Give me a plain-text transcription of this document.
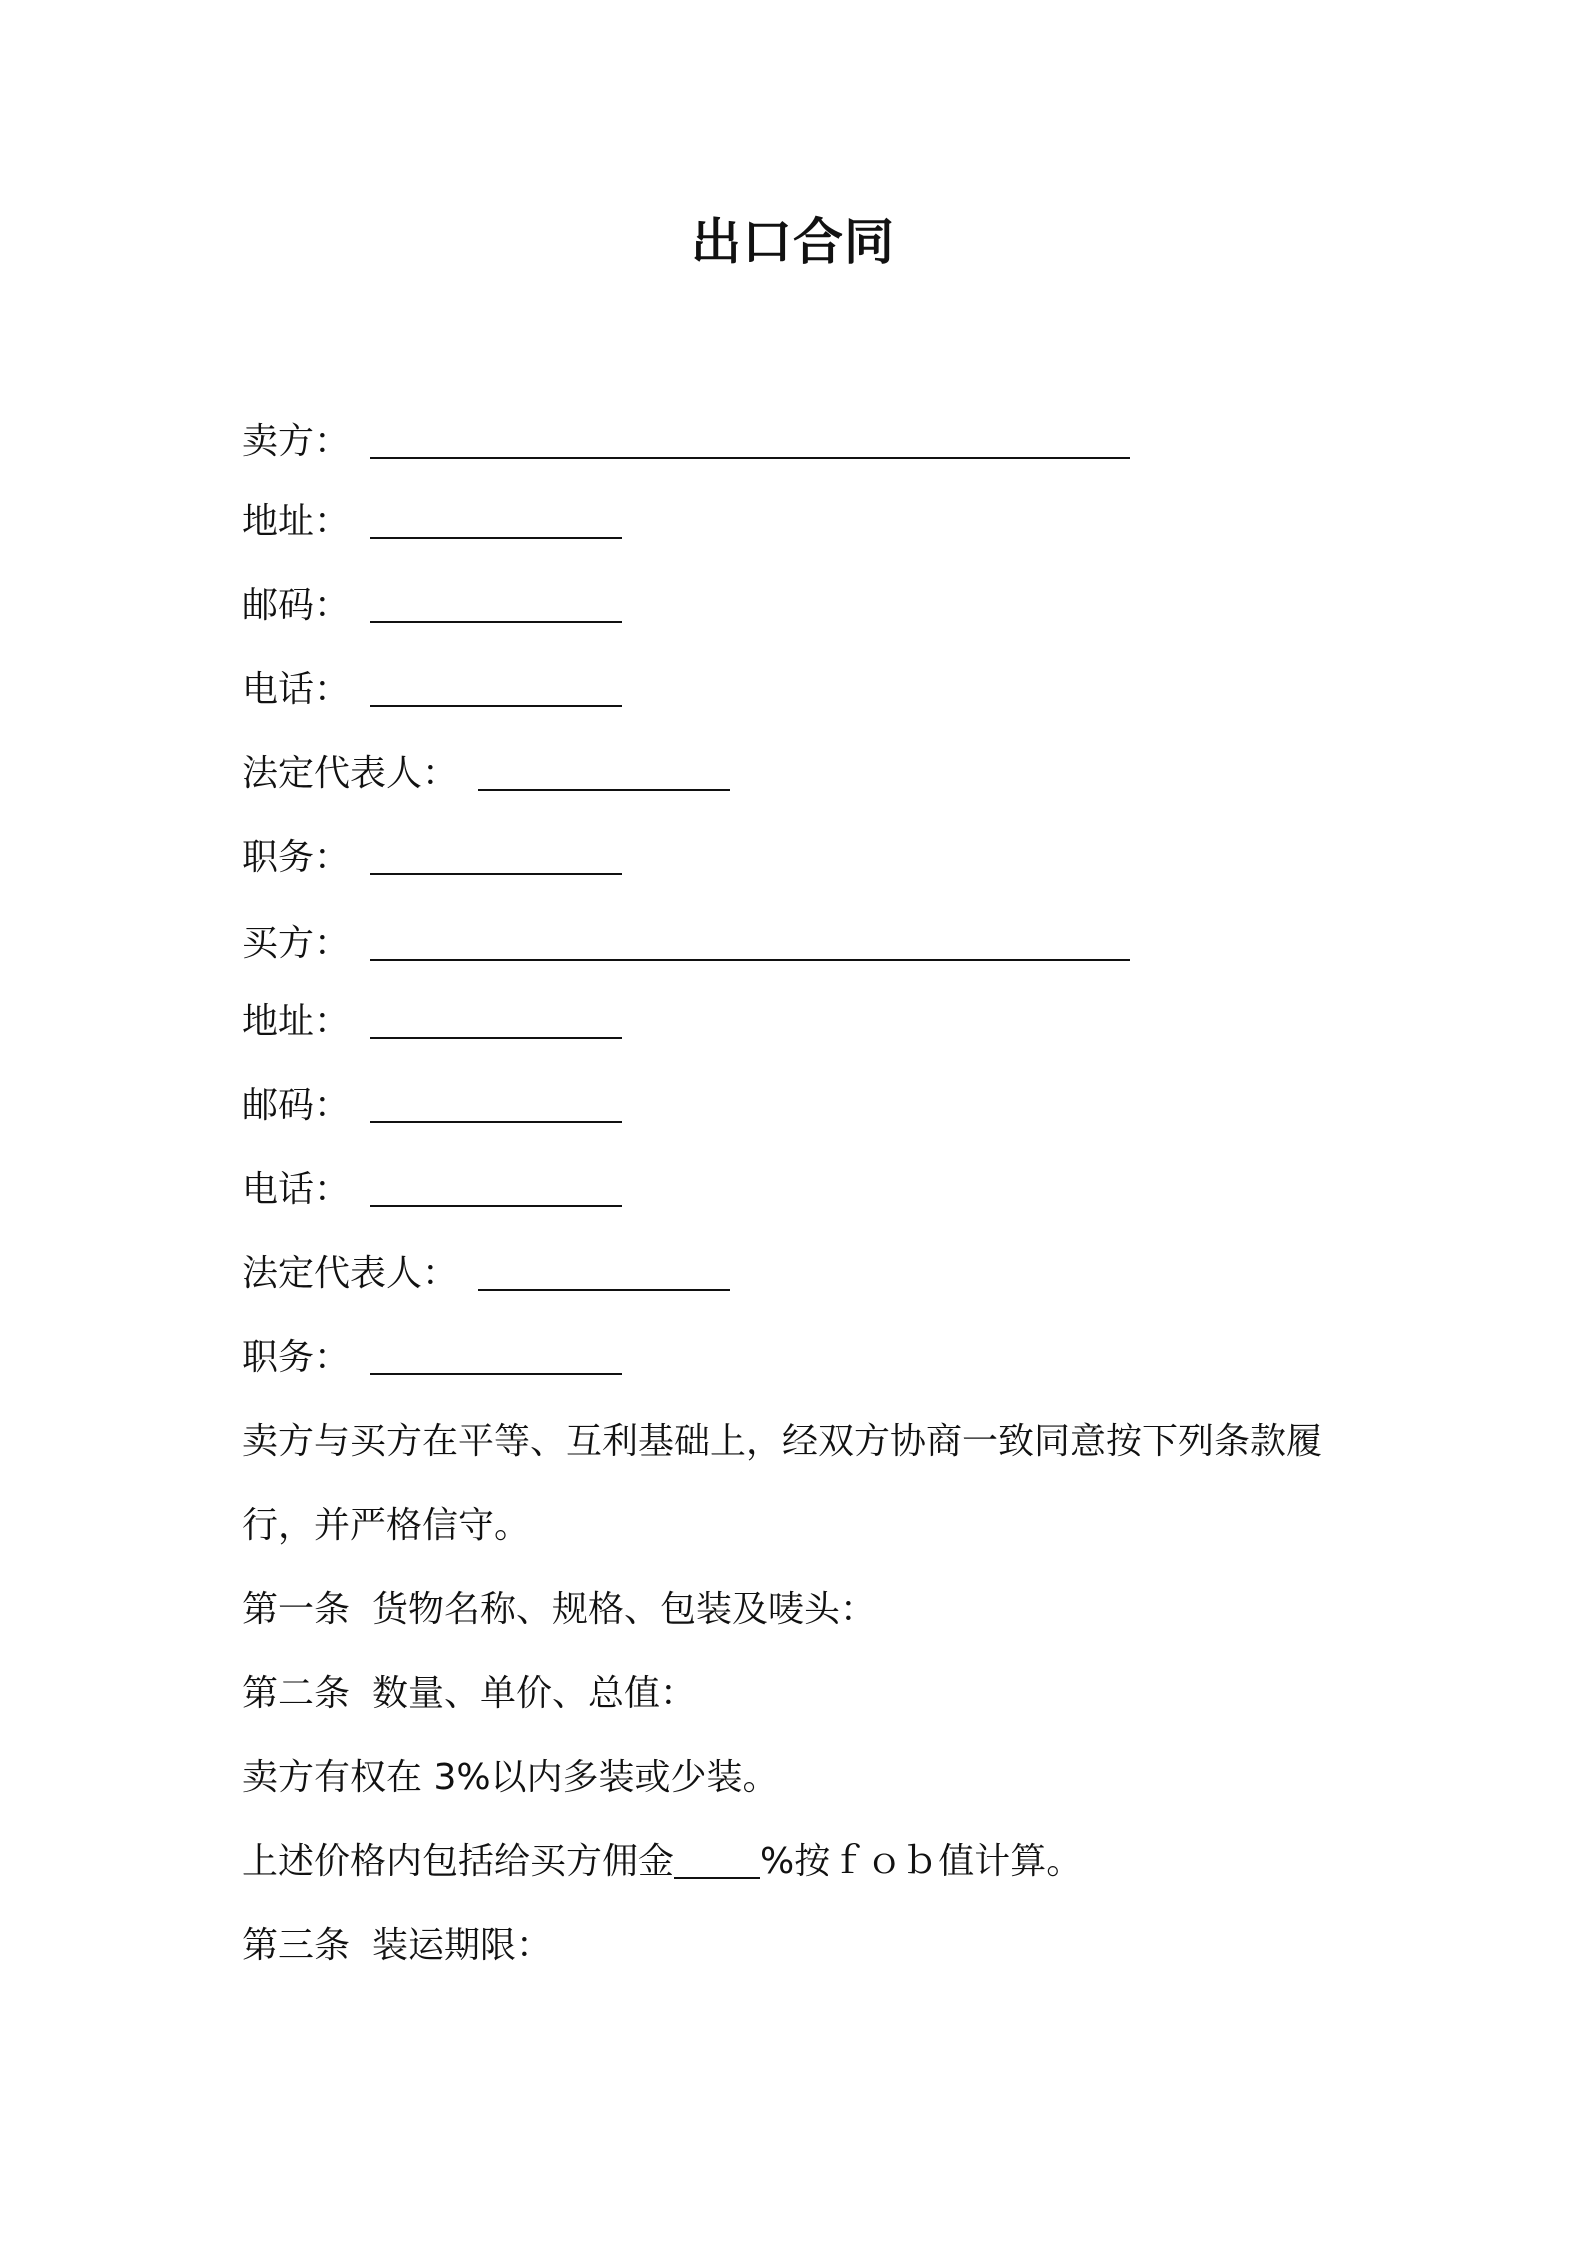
出口合同
卖方：
地址：
邮码：
电话：
法定代表人：
职务：
买方：
地址：
邮码：
电话：
法定代表人：
职务：
卖方与买方在平等、互利基础上，经双方协商一致同意按下列条款履
行，并严格信守。
第一条 货物名称、规格、包装及唛头：
第二条 数量、单价、总值：
卖方有权在 3%以内多装或少装。
上述价格内包括给买方佣金 %按ｆｏｂ值计算。
第三条 装运期限：
